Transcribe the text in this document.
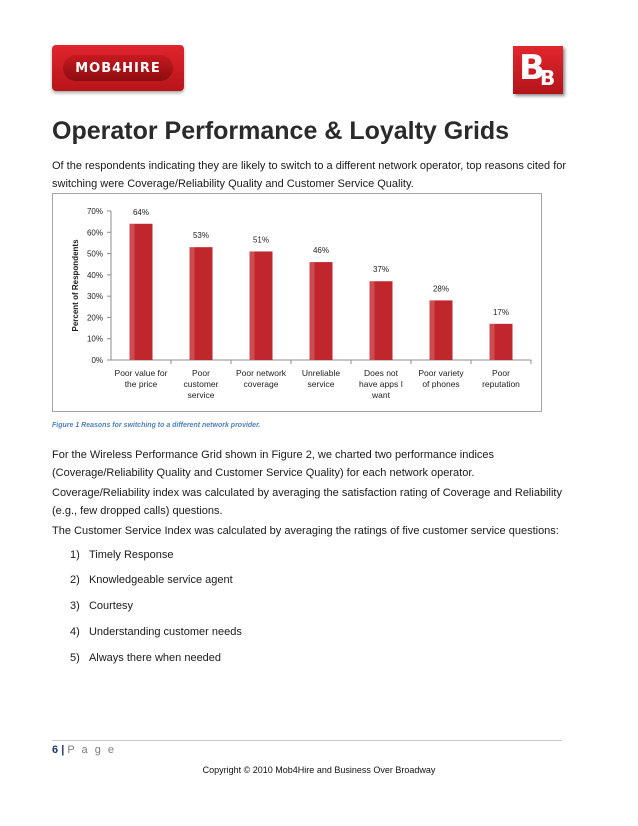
MOB4HIRE	B
B
Operator Performance & Loyalty Grids

Of the respondents indicating they are likely to switch to a different network operator, top reasons cited for switching were Coverage/Reliability Quality and Customer Service Quality.

0%
10%
20%
30%
40%
50%
60%
70%
Percent of Respondents
64%
Poor value for
the price
53%
Poor
customer
service
51%
Poor network
coverage
46%
Unreliable
service
37%
Does not
have apps I
want
28%
Poor variety
of phones
17%
Poor
reputation
Figure 1 Reasons for switching to a different network provider.

For the Wireless Performance Grid shown in Figure 2, we charted two performance indices (Coverage/Reliability Quality and Customer Service Quality) for each network operator.

Coverage/Reliability index was calculated by averaging the satisfaction rating of Coverage and Reliability (e.g., few dropped calls) questions.

The Customer Service Index was calculated by averaging the ratings of five customer service questions:

1) Timely Response
2) Knowledgeable service agent
3) Courtesy
4) Understanding customer needs
5) Always there when needed
6 | P a g e
Copyright © 2010 Mob4Hire and Business Over Broadway
